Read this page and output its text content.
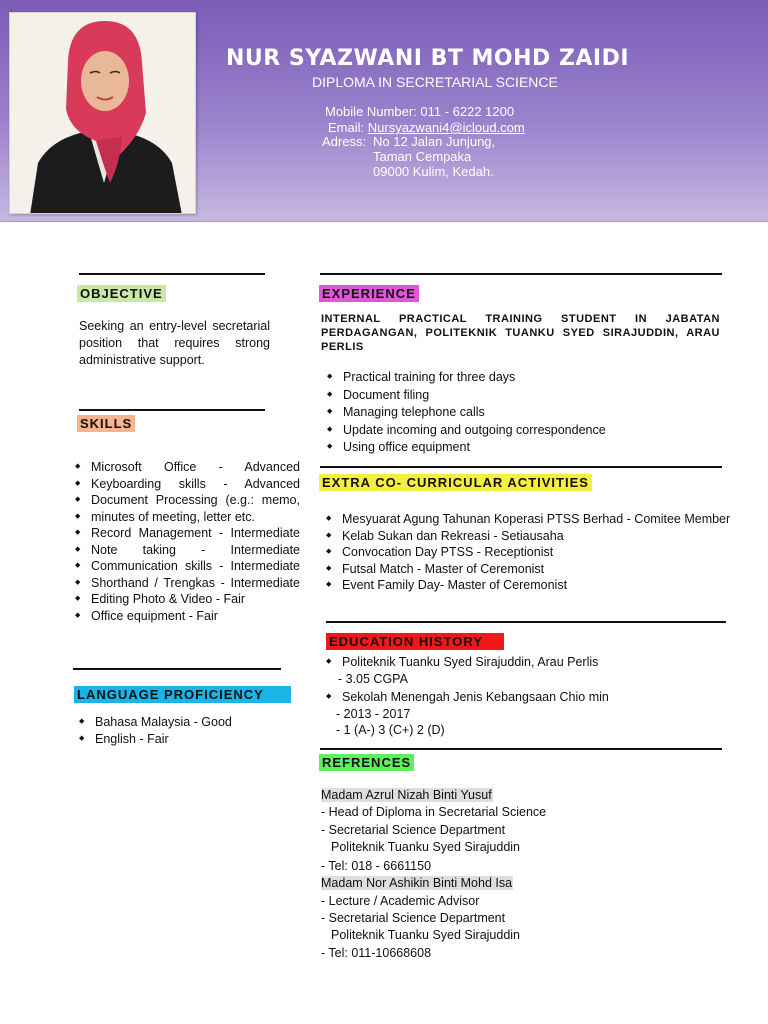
NUR SYAZWANI BT MOHD ZAIDI
DIPLOMA IN SECRETARIAL SCIENCE
Mobile Number: 011 - 6222 1200
Email: Nursyazwani4@icloud.com
Adress: No 12 Jalan Junjung,
Taman Cempaka
09000 Kulim, Kedah.
OBJECTIVE
Seeking an entry-level secretarial position that requires strong administrative support.
SKILLS
◆ Microsoft Office - Advanced
◆ Keyboarding skills - Advanced
◆ Document Processing (e.g.: memo,
◆ minutes of meeting, letter etc.
◆ Record Management - Intermediate
◆ Note taking - Intermediate
◆ Communication skills - Intermediate
◆ Shorthand / Trengkas - Intermediate
◆ Editing Photo & Video - Fair
◆ Office equipment - Fair
LANGUAGE PROFICIENCY
◆ Bahasa Malaysia - Good
◆ English - Fair
EXPERIENCE
INTERNAL PRACTICAL TRAINING STUDENT IN JABATAN PERDAGANGAN, POLITEKNIK TUANKU SYED SIRAJUDDIN, ARAU PERLIS
◆ Practical training for three days
◆ Document filing
◆ Managing telephone calls
◆ Update incoming and outgoing correspondence
◆ Using office equipment
EXTRA CO- CURRICULAR ACTIVITIES
◆ Mesyuarat Agung Tahunan Koperasi PTSS Berhad - Comitee Member
◆ Kelab Sukan dan Rekreasi - Setiausaha
◆ Convocation Day PTSS - Receptionist
◆ Futsal Match - Master of Ceremonist
◆ Event Family Day- Master of Ceremonist
EDUCATION HISTORY
◆ Politeknik Tuanku Syed Sirajuddin, Arau Perlis
- 3.05 CGPA
◆ Sekolah Menengah Jenis Kebangsaan Chio min
- 2013 - 2017
- 1 (A-) 3 (C+) 2 (D)
REFRENCES
Madam Azrul Nizah Binti Yusuf
- Head of Diploma in Secretarial Science
- Secretarial Science Department
Politeknik Tuanku Syed Sirajuddin
- Tel: 018 - 6661150
Madam Nor Ashikin Binti Mohd Isa
- Lecture / Academic Advisor
- Secretarial Science Department
Politeknik Tuanku Syed Sirajuddin
- Tel: 011-10668608
